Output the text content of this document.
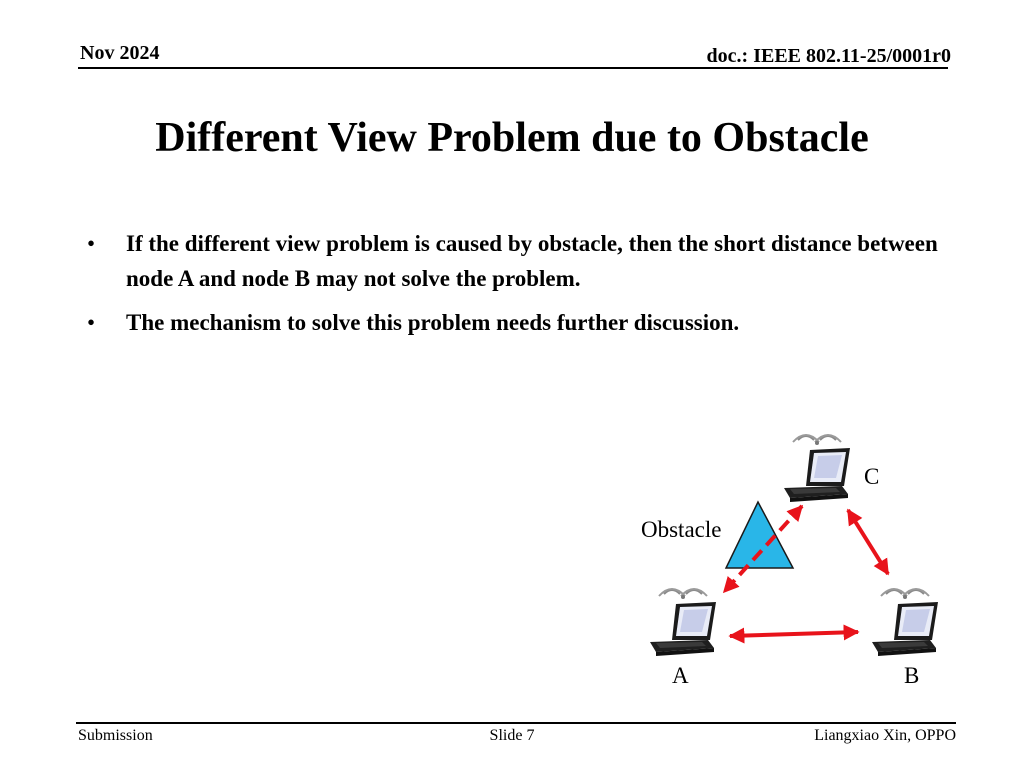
Nov 2024	doc.: IEEE 802.11-25/0001r0
Different View Problem due to Obstacle
• If the different view problem is caused by obstacle, then the short distance between node A and node B may not solve the problem.
• The mechanism to solve this problem needs further discussion.
Obstacle
C
A	B
Submission	Slide 7	Liangxiao Xin, OPPO
